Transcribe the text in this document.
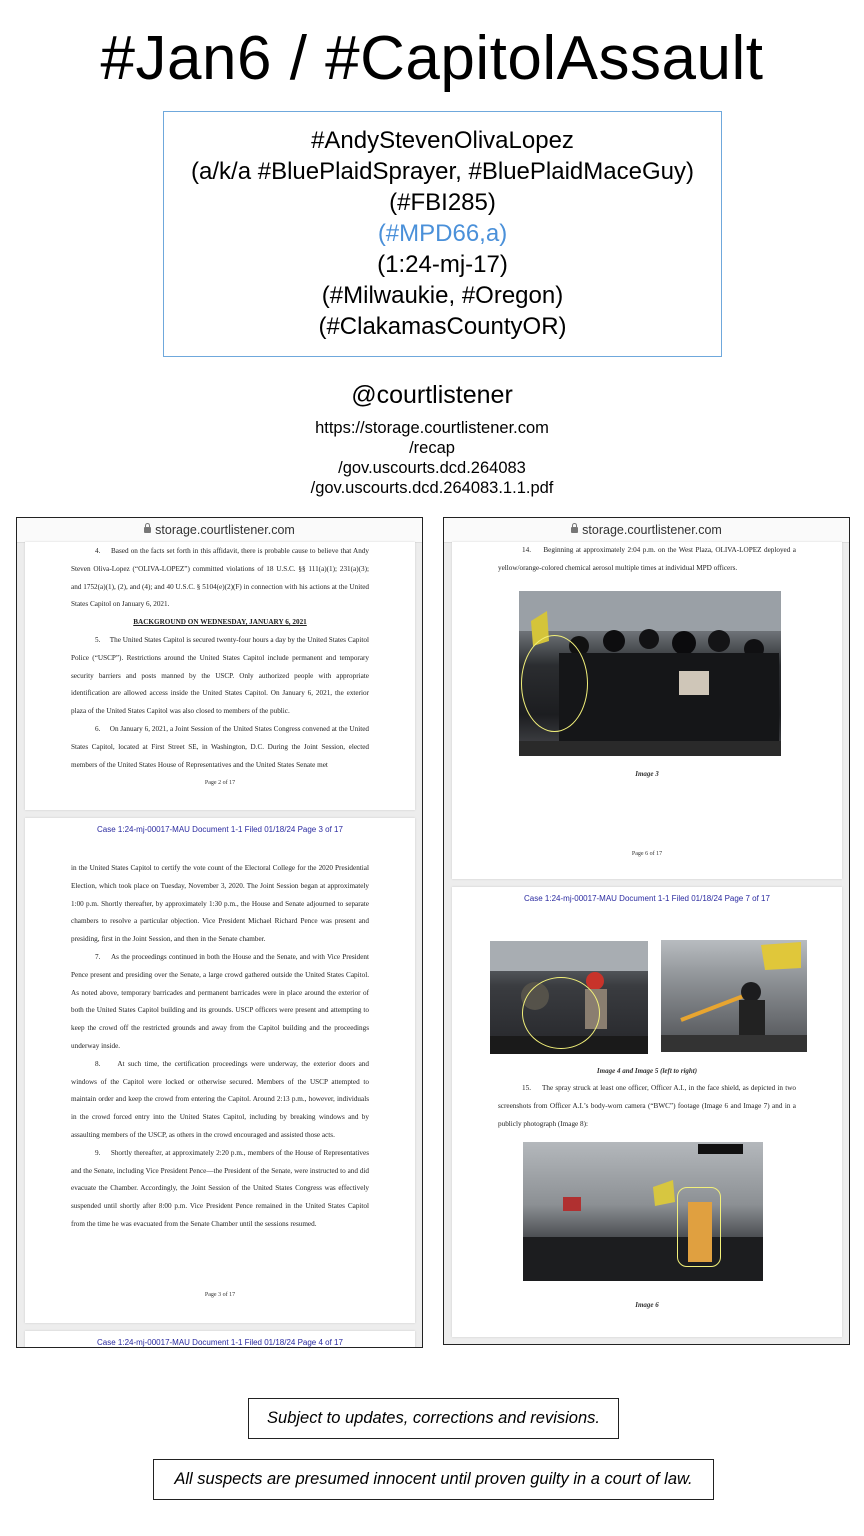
#Jan6 / #CapitolAssault
#AndyStevenOlivaLopez
(a/k/a #BluePlaidSprayer, #BluePlaidMaceGuy)
(#FBI285)
(#MPD66,a)
(1:24-mj-17)
(#Milwaukie, #Oregon)
(#ClakamasCountyOR)
@courtlistener
https://storage.courtlistener.com
/recap
/gov.uscourts.dcd.264083
/gov.uscourts.dcd.264083.1.1.pdf
storage.courtlistener.com

4.     Based on the facts set forth in this affidavit, there is probable cause to believe that Andy Steven Oliva-Lopez (“OLIVA-LOPEZ”) committed violations of 18 U.S.C. §§ 111(a)(1); 231(a)(3); and 1752(a)(1), (2), and (4); and 40 U.S.C. § 5104(e)(2)(F) in connection with his actions at the United States Capitol on January 6, 2021.

BACKGROUND ON WEDNESDAY, JANUARY 6, 2021

5.     The United States Capitol is secured twenty-four hours a day by the United States Capitol Police (“USCP”). Restrictions around the United States Capitol include permanent and temporary security barriers and posts manned by the USCP. Only authorized people with appropriate identification are allowed access inside the United States Capitol. On January 6, 2021, the exterior plaza of the United States Capitol was also closed to members of the public.

6.     On January 6, 2021, a Joint Session of the United States Congress convened at the United States Capitol, located at First Street SE, in Washington, D.C. During the Joint Session, elected members of the United States House of Representatives and the United States Senate met

Page 2 of 17
Case 1:24-mj-00017-MAU Document 1-1 Filed 01/18/24 Page 3 of 17

in the United States Capitol to certify the vote count of the Electoral College for the 2020 Presidential Election, which took place on Tuesday, November 3, 2020. The Joint Session began at approximately 1:00 p.m. Shortly thereafter, by approximately 1:30 p.m., the House and Senate adjourned to separate chambers to resolve a particular objection. Vice President Michael Richard Pence was present and presiding, first in the Joint Session, and then in the Senate chamber.

7.     As the proceedings continued in both the House and the Senate, and with Vice President Pence present and presiding over the Senate, a large crowd gathered outside the United States Capitol. As noted above, temporary barricades and permanent barricades were in place around the exterior of both the United States Capitol building and its grounds. USCP officers were present and attempting to keep the crowd off the restricted grounds and away from the Capitol building and the proceedings underway inside.

8.     At such time, the certification proceedings were underway, the exterior doors and windows of the Capitol were locked or otherwise secured. Members of the USCP attempted to maintain order and keep the crowd from entering the Capitol. Around 2:13 p.m., however, individuals in the crowd forced entry into the United States Capitol, including by breaking windows and by assaulting members of the USCP, as others in the crowd encouraged and assisted those acts.

9.     Shortly thereafter, at approximately 2:20 p.m., members of the House of Representatives and the Senate, including Vice President Pence—the President of the Senate, were instructed to and did evacuate the Chamber. Accordingly, the Joint Session of the United States Congress was effectively suspended until shortly after 8:00 p.m. Vice President Pence remained in the United States Capitol from the time he was evacuated from the Senate Chamber until the sessions resumed.

Page 3 of 17
Case 1:24-mj-00017-MAU Document 1-1 Filed 01/18/24 Page 4 of 17
storage.courtlistener.com

14.     Beginning at approximately 2:04 p.m. on the West Plaza, OLIVA-LOPEZ deployed a yellow/orange-colored chemical aerosol multiple times at individual MPD officers.

Image 3
Page 6 of 17
Case 1:24-mj-00017-MAU Document 1-1 Filed 01/18/24 Page 7 of 17
Image 4 and Image 5 (left to right)

15.     The spray struck at least one officer, Officer A.I., in the face shield, as depicted in two screenshots from Officer A.I.’s body-worn camera (“BWC”) footage (Image 6 and Image 7) and in a publicly photograph (Image 8):

Image 6
Subject to updates, corrections and revisions.
All suspects are presumed innocent until proven guilty in a court of law.
